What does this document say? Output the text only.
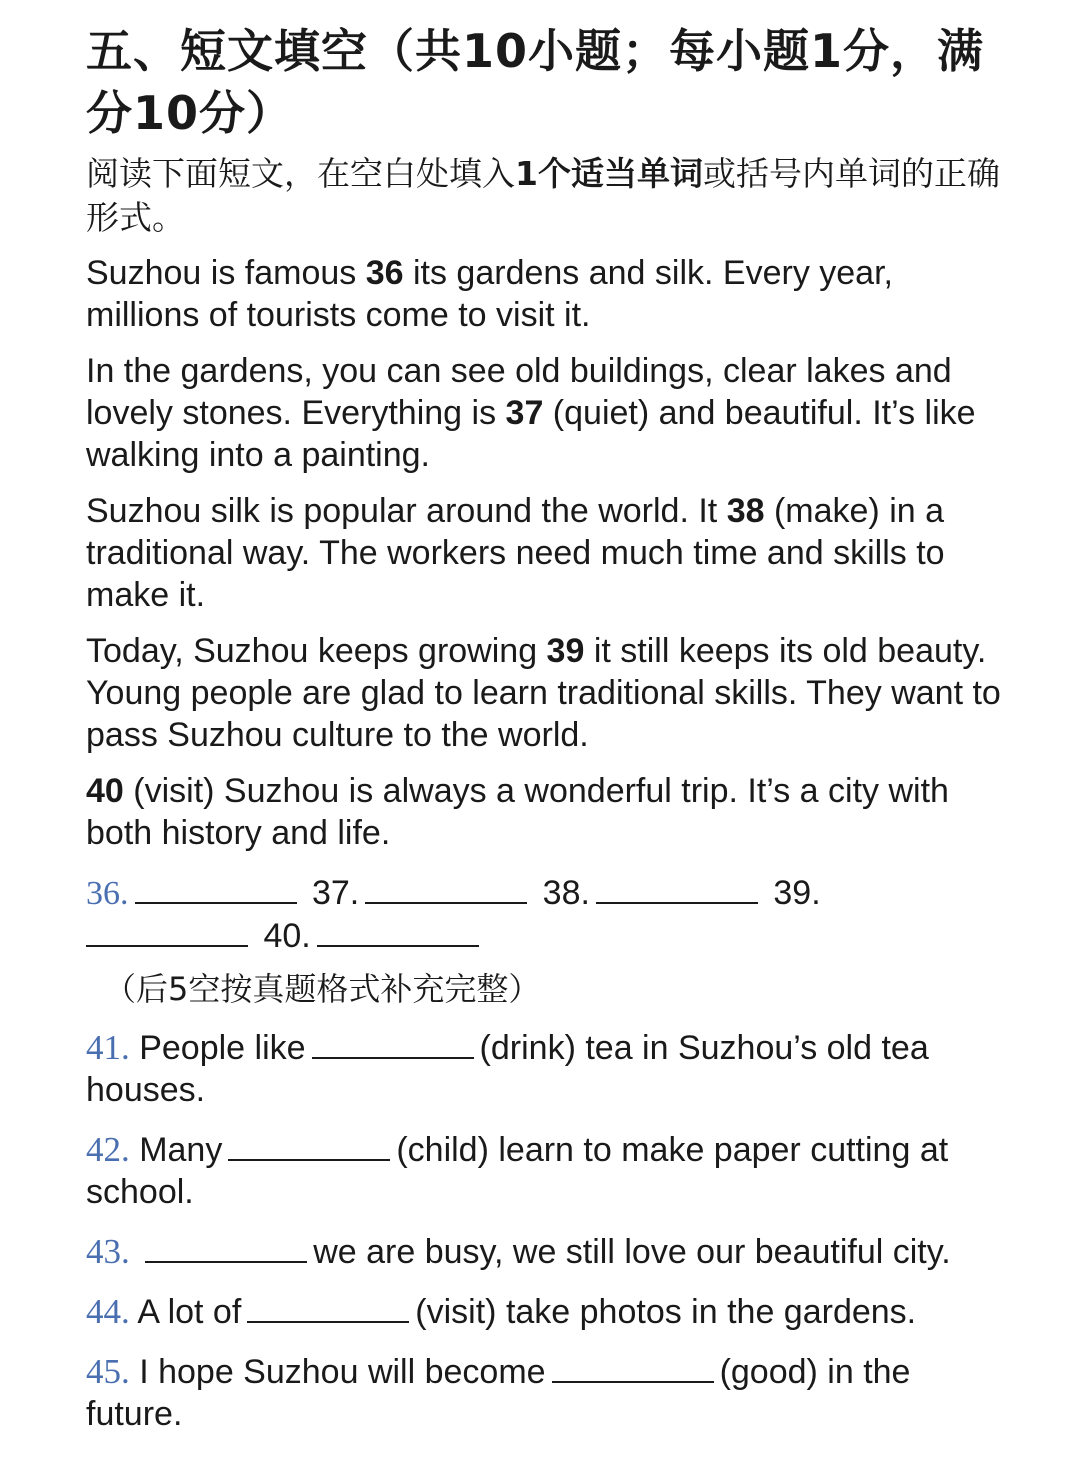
五、短文填空（共10小题；每小题1分，满分10分）
阅读下面短文，在空白处填入1个适当单词或括号内单词的正确形式。
Suzhou is famous 36 its gardens and silk. Every year, millions of tourists come to visit it.
In the gardens, you can see old buildings, clear lakes and lovely stones. Everything is 37 (quiet) and beautiful. It’s like walking into a painting.
Suzhou silk is popular around the world. It 38 (make) in a traditional way. The workers need much time and skills to make it.
Today, Suzhou keeps growing 39 it still keeps its old beauty. Young people are glad to learn traditional skills. They want to pass Suzhou culture to the world.
40 (visit) Suzhou is always a wonderful trip. It’s a city with both history and life.
36.	37.	38.	39.
40.
（后5空按真题格式补充完整）
41. People like	(drink) tea in Suzhou’s old tea houses.
42. Many	(child) learn to make paper cutting at school.
43.	we are busy, we still love our beautiful city.
44. A lot of	(visit) take photos in the gardens.
45. I hope Suzhou will become	(good) in the future.
